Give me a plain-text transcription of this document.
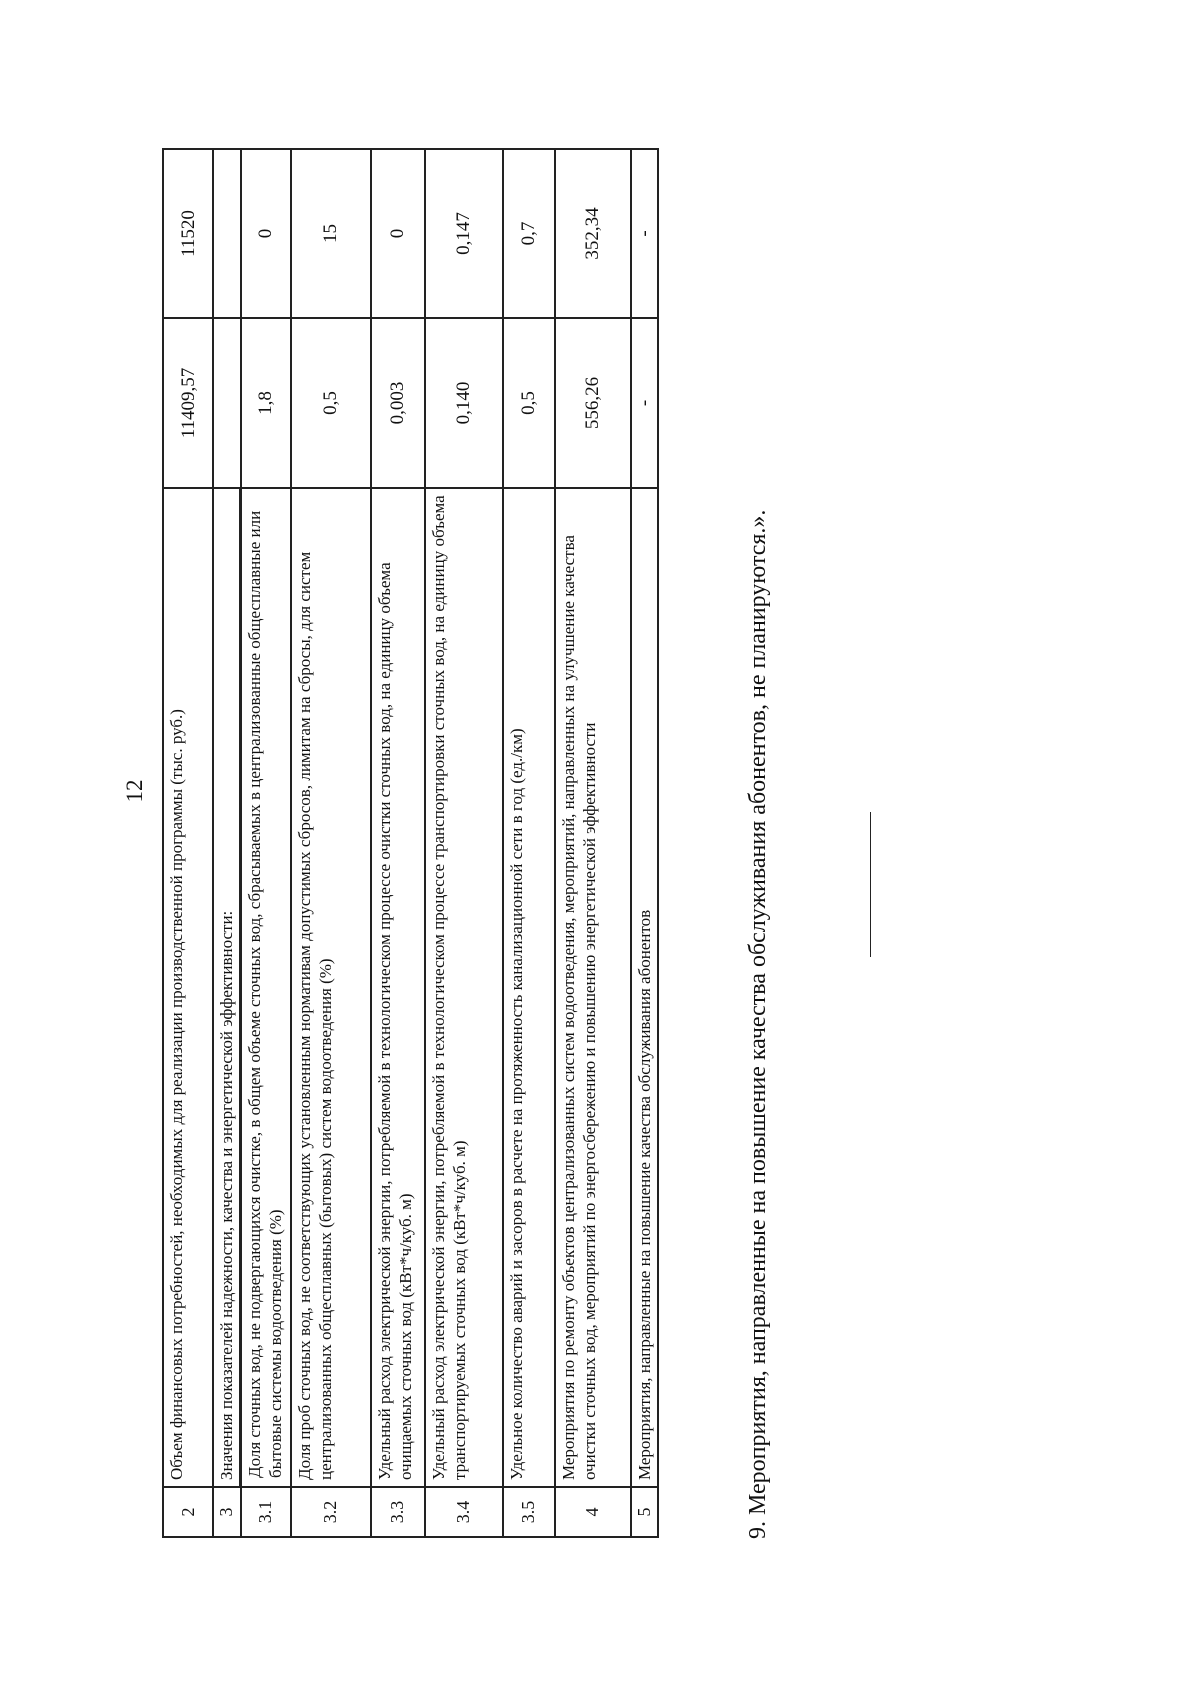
12
2	Объем финансовых потребностей, необходимых для реализации производственной программы (тыс. руб.)	11409,57	11520
3	Значения показателей надежности, качества и энергетической эффективности:		
3.1	Доля сточных вод, не подвергающихся очистке, в общем объеме сточных вод, сбрасываемых в централизованные общесплавные или бытовые системы водоотведения (%)	1,8	0
3.2	Доля проб сточных вод, не соответствующих установленным нормативам допустимых сбросов, лимитам на сбросы, для систем централизованных общесплавных (бытовых) систем водоотведения (%)	0,5	15
3.3	Удельный расход электрической энергии, потребляемой в технологическом процессе очистки сточных вод, на единицу объема очищаемых сточных вод (кВт*ч/куб. м)	0,003	0
3.4	Удельный расход электрической энергии, потребляемой в технологическом процессе транспортировки сточных вод, на единицу объема транспортируемых сточных вод (кВт*ч/куб. м)	0,140	0,147
3.5	Удельное количество аварий и засоров в расчете на протяженность канализационной сети в год (ед./км)	0,5	0,7
4	Мероприятия по ремонту объектов централизованных систем водоотведения, мероприятий, направленных на улучшение качества очистки сточных вод, мероприятий по энергосбережению и повышению энергетической эффективности	556,26	352,34
5	Мероприятия, направленные на повышение качества обслуживания абонентов	-	-
9. Мероприятия, направленные на повышение качества обслуживания абонентов, не планируются.».
